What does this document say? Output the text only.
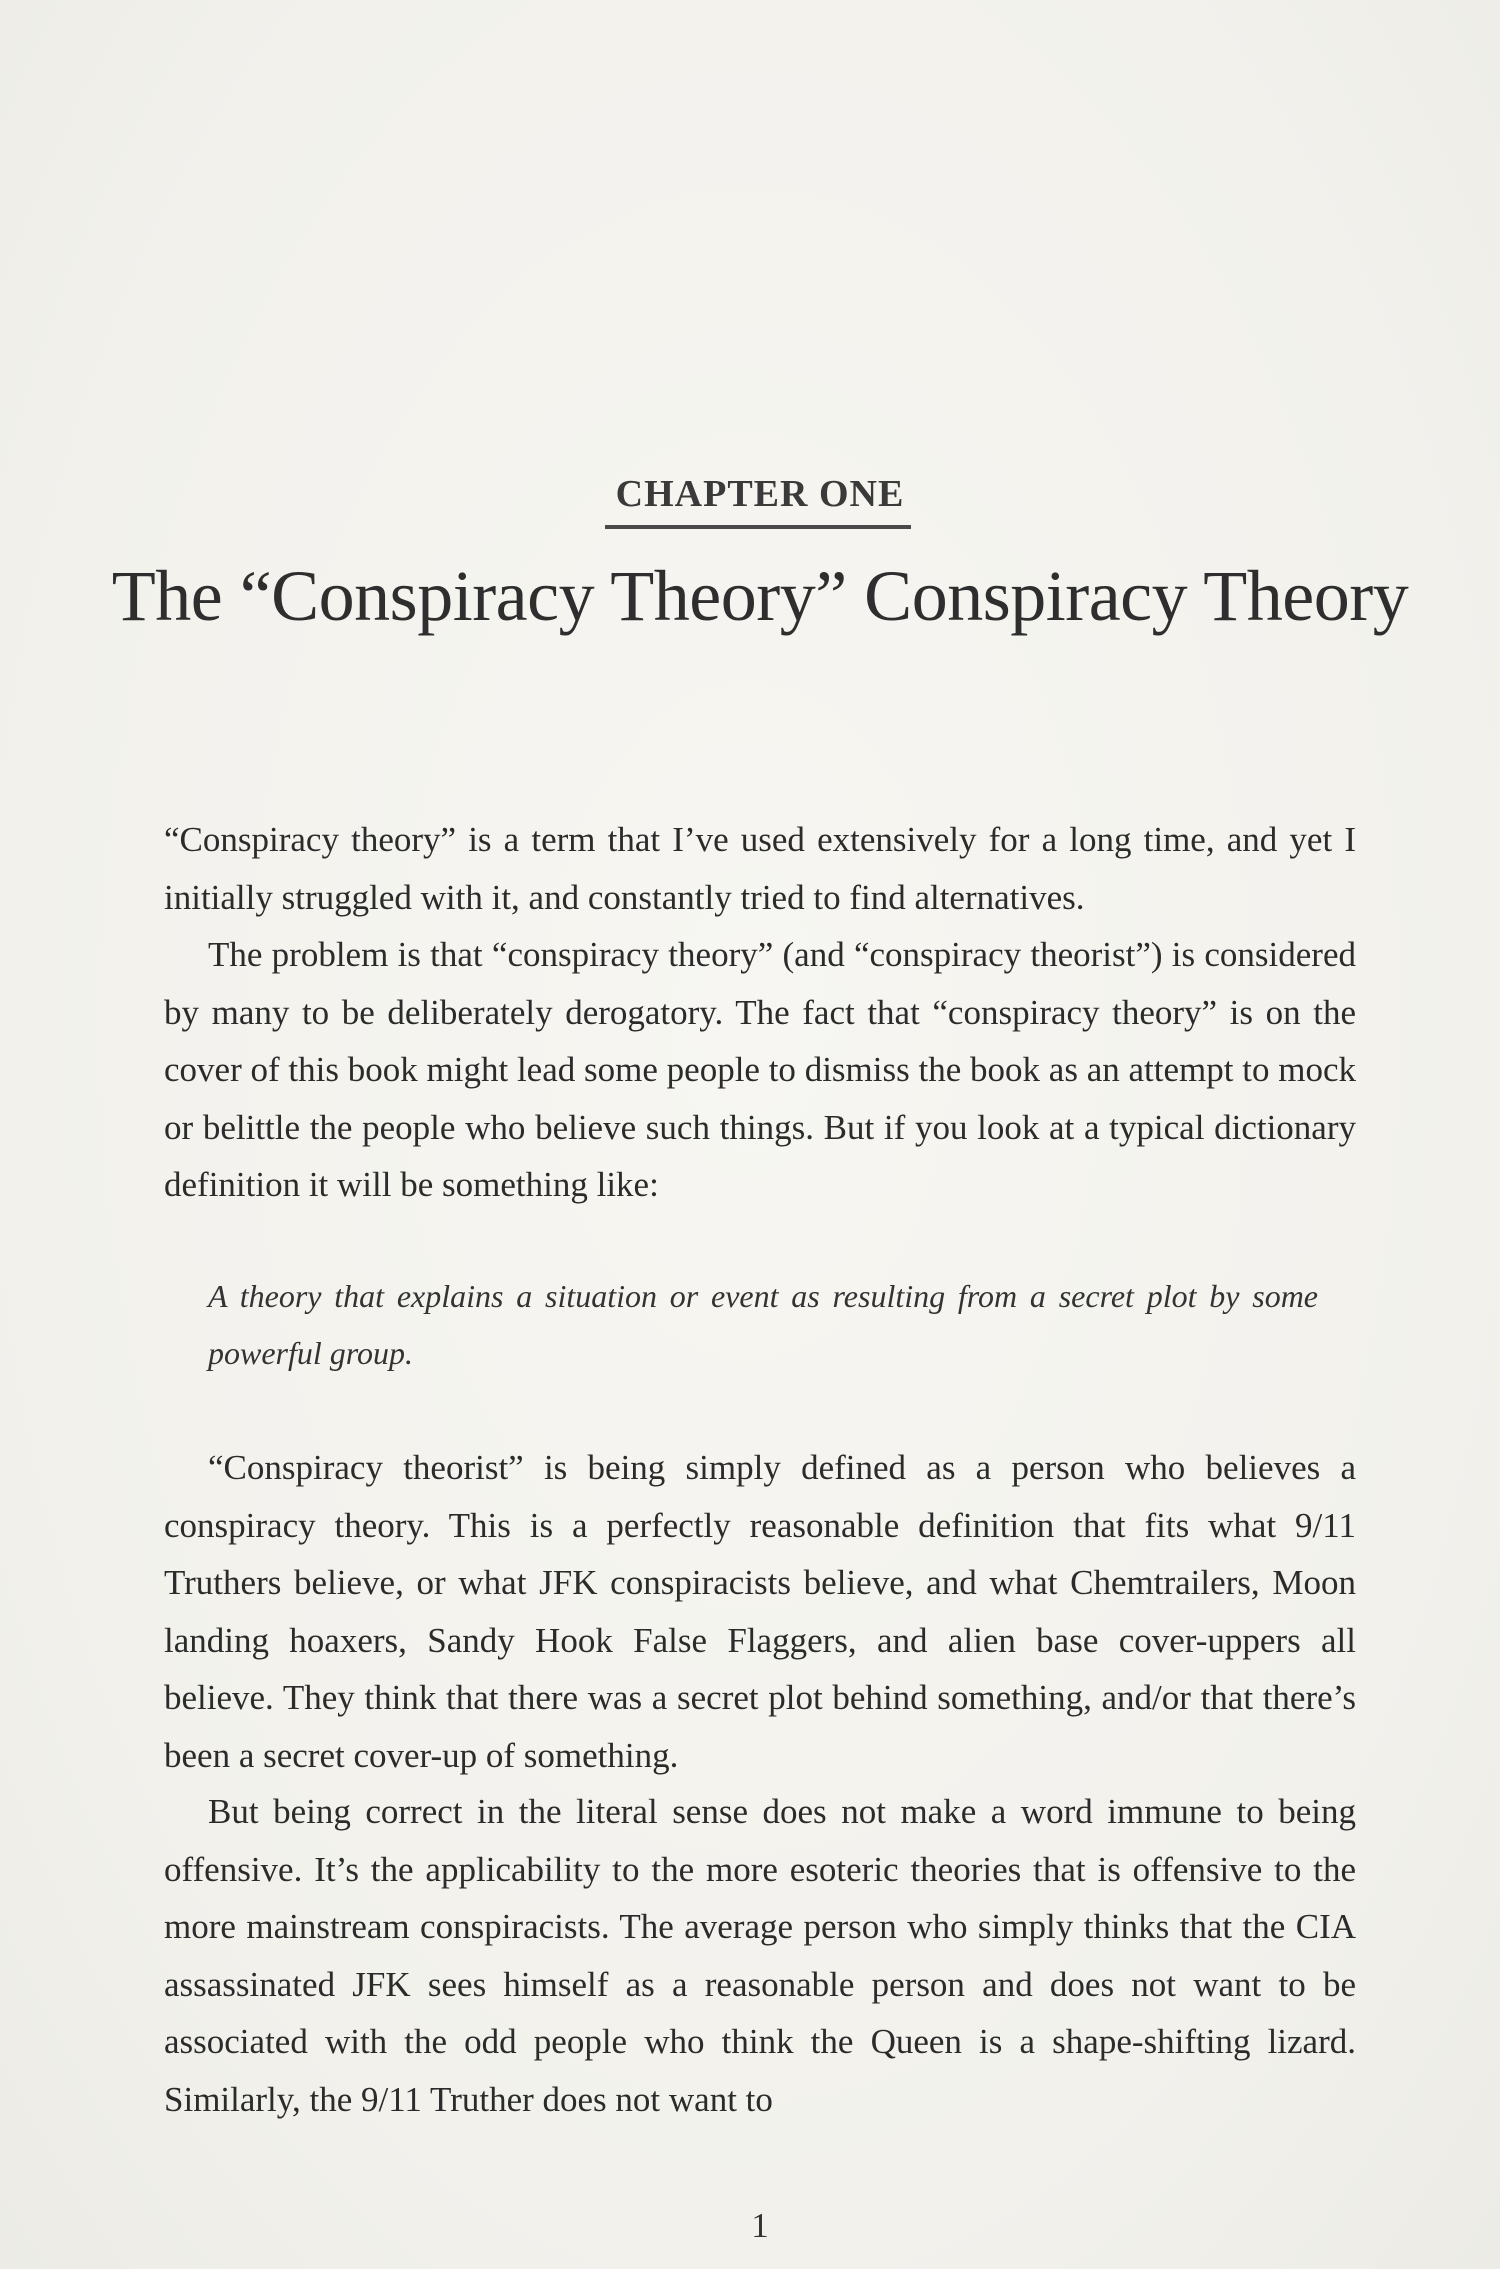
CHAPTER ONE
The “Conspiracy Theory” Conspiracy Theory

“Conspiracy theory” is a term that I’ve used extensively for a long time, and yet I initially struggled with it, and constantly tried to find alternatives.

The problem is that “conspiracy theory” (and “conspiracy theorist”) is considered by many to be deliberately derogatory. The fact that “conspiracy theory” is on the cover of this book might lead some people to dismiss the book as an attempt to mock or belittle the people who believe such things. But if you look at a typical dictionary definition it will be something like:

A theory that explains a situation or event as resulting from a secret plot by some powerful group.

“Conspiracy theorist” is being simply defined as a person who believes a conspiracy theory. This is a perfectly reasonable definition that fits what 9/11 Truthers believe, or what JFK conspiracists believe, and what Chemtrailers, Moon landing hoaxers, Sandy Hook False Flaggers, and alien base cover-uppers all believe. They think that there was a secret plot behind something, and/or that there’s been a secret cover-up of something.

But being correct in the literal sense does not make a word immune to being offensive. It’s the applicability to the more esoteric theories that is offensive to the more mainstream conspiracists. The average person who simply thinks that the CIA assassinated JFK sees himself as a reasonable person and does not want to be associated with the odd people who think the Queen is a shape-shifting lizard. Similarly, the 9/11 Truther does not want to

1
